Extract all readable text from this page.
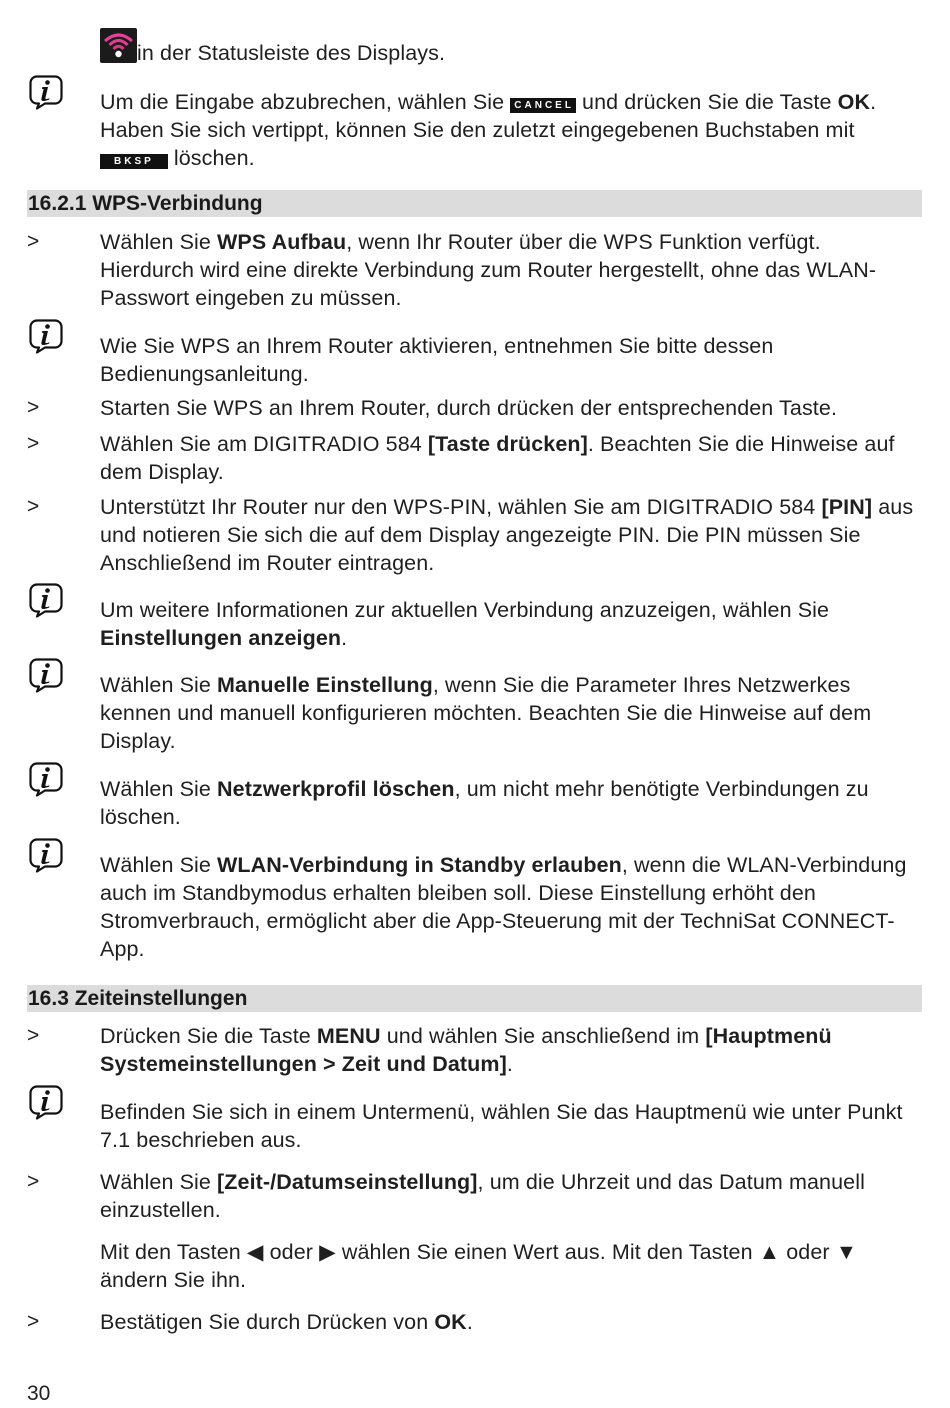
in der Statusleiste des Displays.
Um die Eingabe abzubrechen, wählen Sie CANCEL und drücken Sie die Taste OK. Haben Sie sich vertippt, können Sie den zuletzt eingegebenen Buchstaben mit BKSP löschen.
16.2.1 WPS-Verbindung
>	Wählen Sie WPS Aufbau, wenn Ihr Router über die WPS Funktion verfügt. Hierdurch wird eine direkte Verbindung zum Router hergestellt, ohne das WLAN-Passwort eingeben zu müssen.
Wie Sie WPS an Ihrem Router aktivieren, entnehmen Sie bitte dessen Bedienungsanleitung.
>	Starten Sie WPS an Ihrem Router, durch drücken der entsprechenden Taste.
>	Wählen Sie am DIGITRADIO 584 [Taste drücken]. Beachten Sie die Hinweise auf dem Display.
>	Unterstützt Ihr Router nur den WPS-PIN, wählen Sie am DIGITRADIO 584 [PIN] aus und notieren Sie sich die auf dem Display angezeigte PIN. Die PIN müssen Sie Anschließend im Router eintragen.
Um weitere Informationen zur aktuellen Verbindung anzuzeigen, wählen Sie Einstellungen anzeigen.
Wählen Sie Manuelle Einstellung, wenn Sie die Parameter Ihres Netzwerkes kennen und manuell konfigurieren möchten. Beachten Sie die Hinweise auf dem Display.
Wählen Sie Netzwerkprofil löschen, um nicht mehr benötigte Verbindungen zu löschen.
Wählen Sie WLAN-Verbindung in Standby erlauben, wenn die WLAN-Verbindung auch im Standbymodus erhalten bleiben soll. Diese Einstellung erhöht den Stromverbrauch, ermöglicht aber die App-Steuerung mit der TechniSat CONNECT-App.
16.3 Zeiteinstellungen
>	Drücken Sie die Taste MENU und wählen Sie anschließend im [Hauptmenü Systemeinstellungen > Zeit und Datum].
Befinden Sie sich in einem Untermenü, wählen Sie das Hauptmenü wie unter Punkt 7.1 beschrieben aus.
>	Wählen Sie [Zeit-/Datumseinstellung], um die Uhrzeit und das Datum manuell einzustellen.
Mit den Tasten ◀ oder ▶ wählen Sie einen Wert aus. Mit den Tasten ▲ oder ▼ ändern Sie ihn.
>	Bestätigen Sie durch Drücken von OK.
30
